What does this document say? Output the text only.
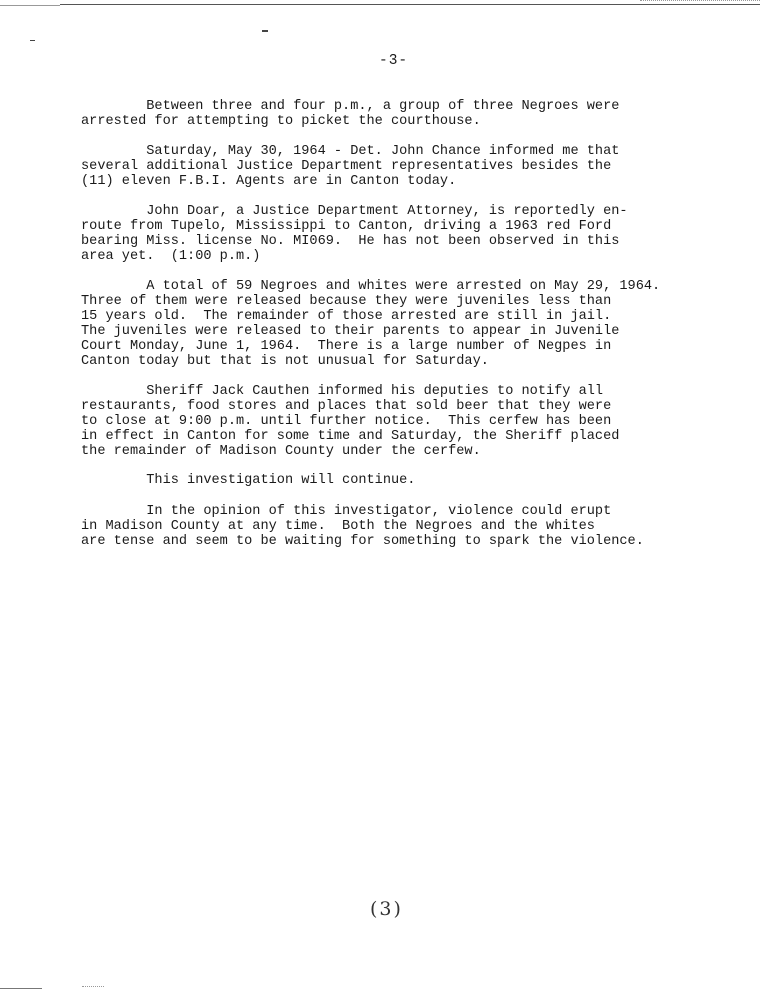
-3-

Between three and four p.m., a group of three Negroes were
arrested for attempting to picket the courthouse.

Saturday, May 30, 1964 - Det. John Chance informed me that
several additional Justice Department representatives besides the
(11) eleven F.B.I. Agents are in Canton today.

John Doar, a Justice Department Attorney, is reportedly en-
route from Tupelo, Mississippi to Canton, driving a 1963 red Ford
bearing Miss. license No. MI069.  He has not been observed in this
area yet.  (1:00 p.m.)

A total of 59 Negroes and whites were arrested on May 29, 1964.
Three of them were released because they were juveniles less than
15 years old.  The remainder of those arrested are still in jail.
The juveniles were released to their parents to appear in Juvenile
Court Monday, June 1, 1964.  There is a large number of Negpes in
Canton today but that is not unusual for Saturday.

Sheriff Jack Cauthen informed his deputies to notify all
restaurants, food stores and places that sold beer that they were
to close at 9:00 p.m. until further notice.  This cerfew has been
in effect in Canton for some time and Saturday, the Sheriff placed
the remainder of Madison County under the cerfew.

This investigation will continue.

In the opinion of this investigator, violence could erupt
in Madison County at any time.  Both the Negroes and the whites
are tense and seem to be waiting for something to spark the violence.

(3)
